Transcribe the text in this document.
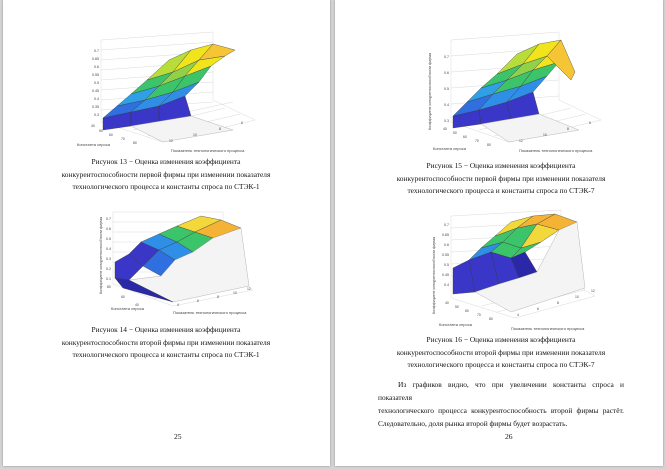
0.7
0.65
0.6
0.55
0.5
0.45
0.4
0.35
0.3
40
50
60
70
80	12
10
8
6
Константа спроса
Показатель технологического процесса
Рисунок 13 − Оценка изменения коэффициента
конкурентоспособности первой фирмы при изменении показателя
технологического процесса и константы спроса по СТЭК-1
0.7
0.6
0.5
0.4
0.3
0.2
0.1
80
60
40	4
6
8
10
12
Коэффициент конкурентоспособности фирмы
Константа спроса
Показатель технологического процесса
Рисунок 14 − Оценка изменения коэффициента
конкурентоспособности второй фирмы при изменении показателя
технологического процесса и константы спроса по СТЭК-1
25
0.7
0.6
0.5
0.4
0.3
40
50
60
70
80
12
10
8
6
Коэффициент конкурентоспособности фирмы
Константа спроса	Показатель технологического процесса
Рисунок 15 − Оценка изменения коэффициента
конкурентоспособности первой фирмы при изменении показателя
технологического процесса и константы спроса по СТЭК-7
0.7
0.65
0.6
0.55
0.5
0.45
0.4
40
50
60
70
80
4
6
8
10
12
Коэффициент конкурентоспособности фирмы
Константа спроса
Показатель технологического процесса
Рисунок 16 − Оценка изменения коэффициента
конкурентоспособности второй фирмы при изменении показателя
технологического процесса и константы спроса по СТЭК-7
Из графиков видно, что при увеличении константы спроса и показателя
технологического процесса конкурентоспособность второй фирмы растёт.
Следовательно, доля рынка второй фирмы будет возрастать.
26
